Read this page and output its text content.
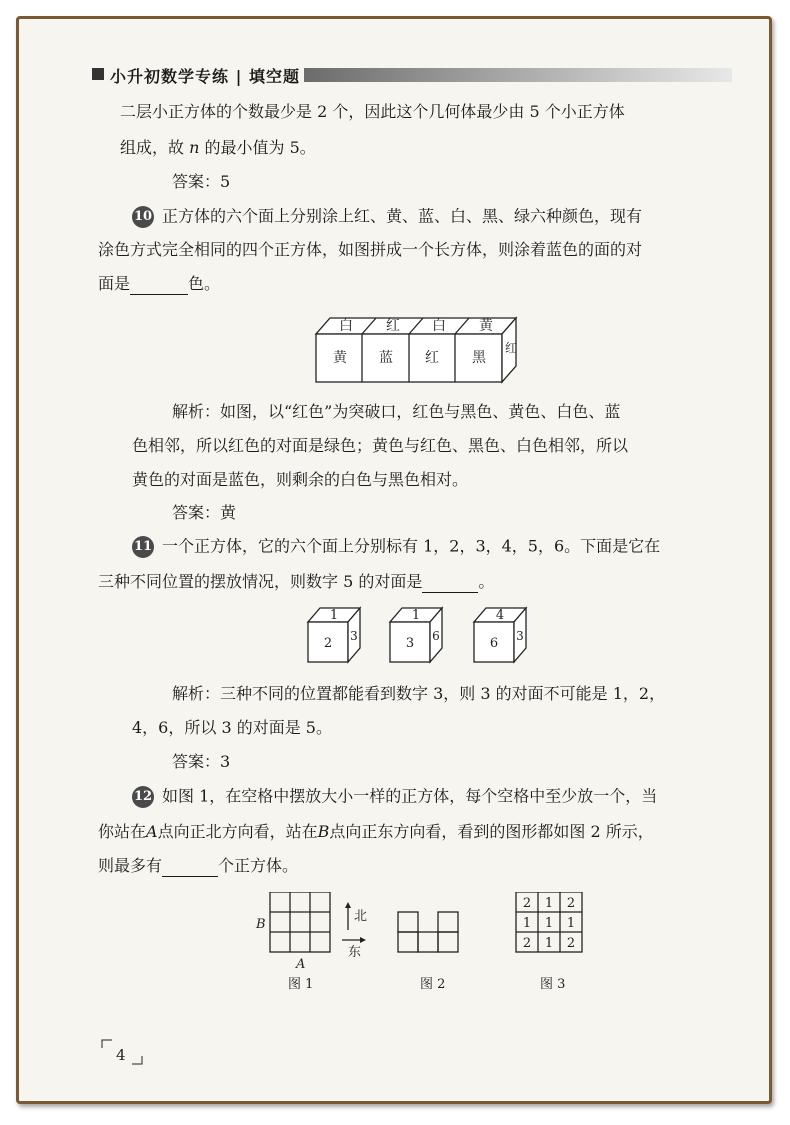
小升初数学专练 | 填空题
二层小正方体的个数最少是 2 个，因此这个几何体最少由 5 个小正方体
组成，故 n 的最小值为 5。
答案：5
10 正方体的六个面上分别涂上红、黄、蓝、白、黑、绿六种颜色，现有
涂色方式完全相同的四个正方体，如图拼成一个长方体，则涂着蓝色的面的对
面是	色。
白 红 白 黄
黄 蓝 红 黑
红
解析：如图，以“红色”为突破口，红色与黑色、黄色、白色、蓝
色相邻，所以红色的对面是绿色；黄色与红色、黑色、白色相邻，所以
黄色的对面是蓝色，则剩余的白色与黑色相对。
答案：黄
11 一个正方体，它的六个面上分别标有 1，2，3，4，5，6。下面是它在
三种不同位置的摆放情况，则数字 5 的对面是	。
1
2 3
1
3 6
4
6 3
解析：三种不同的位置都能看到数字 3，则 3 的对面不可能是 1，2，
4，6，所以 3 的对面是 5。
答案：3
12 如图 1，在空格中摆放大小一样的正方体，每个空格中至少放一个，当
你站在A点向正北方向看，站在B点向正东方向看，看到的图形都如图 2 所示，
则最多有	个正方体。
B
A
北
东
图 1	图 2	图 3
2 1 2
1 1 1
2 1 2
4
